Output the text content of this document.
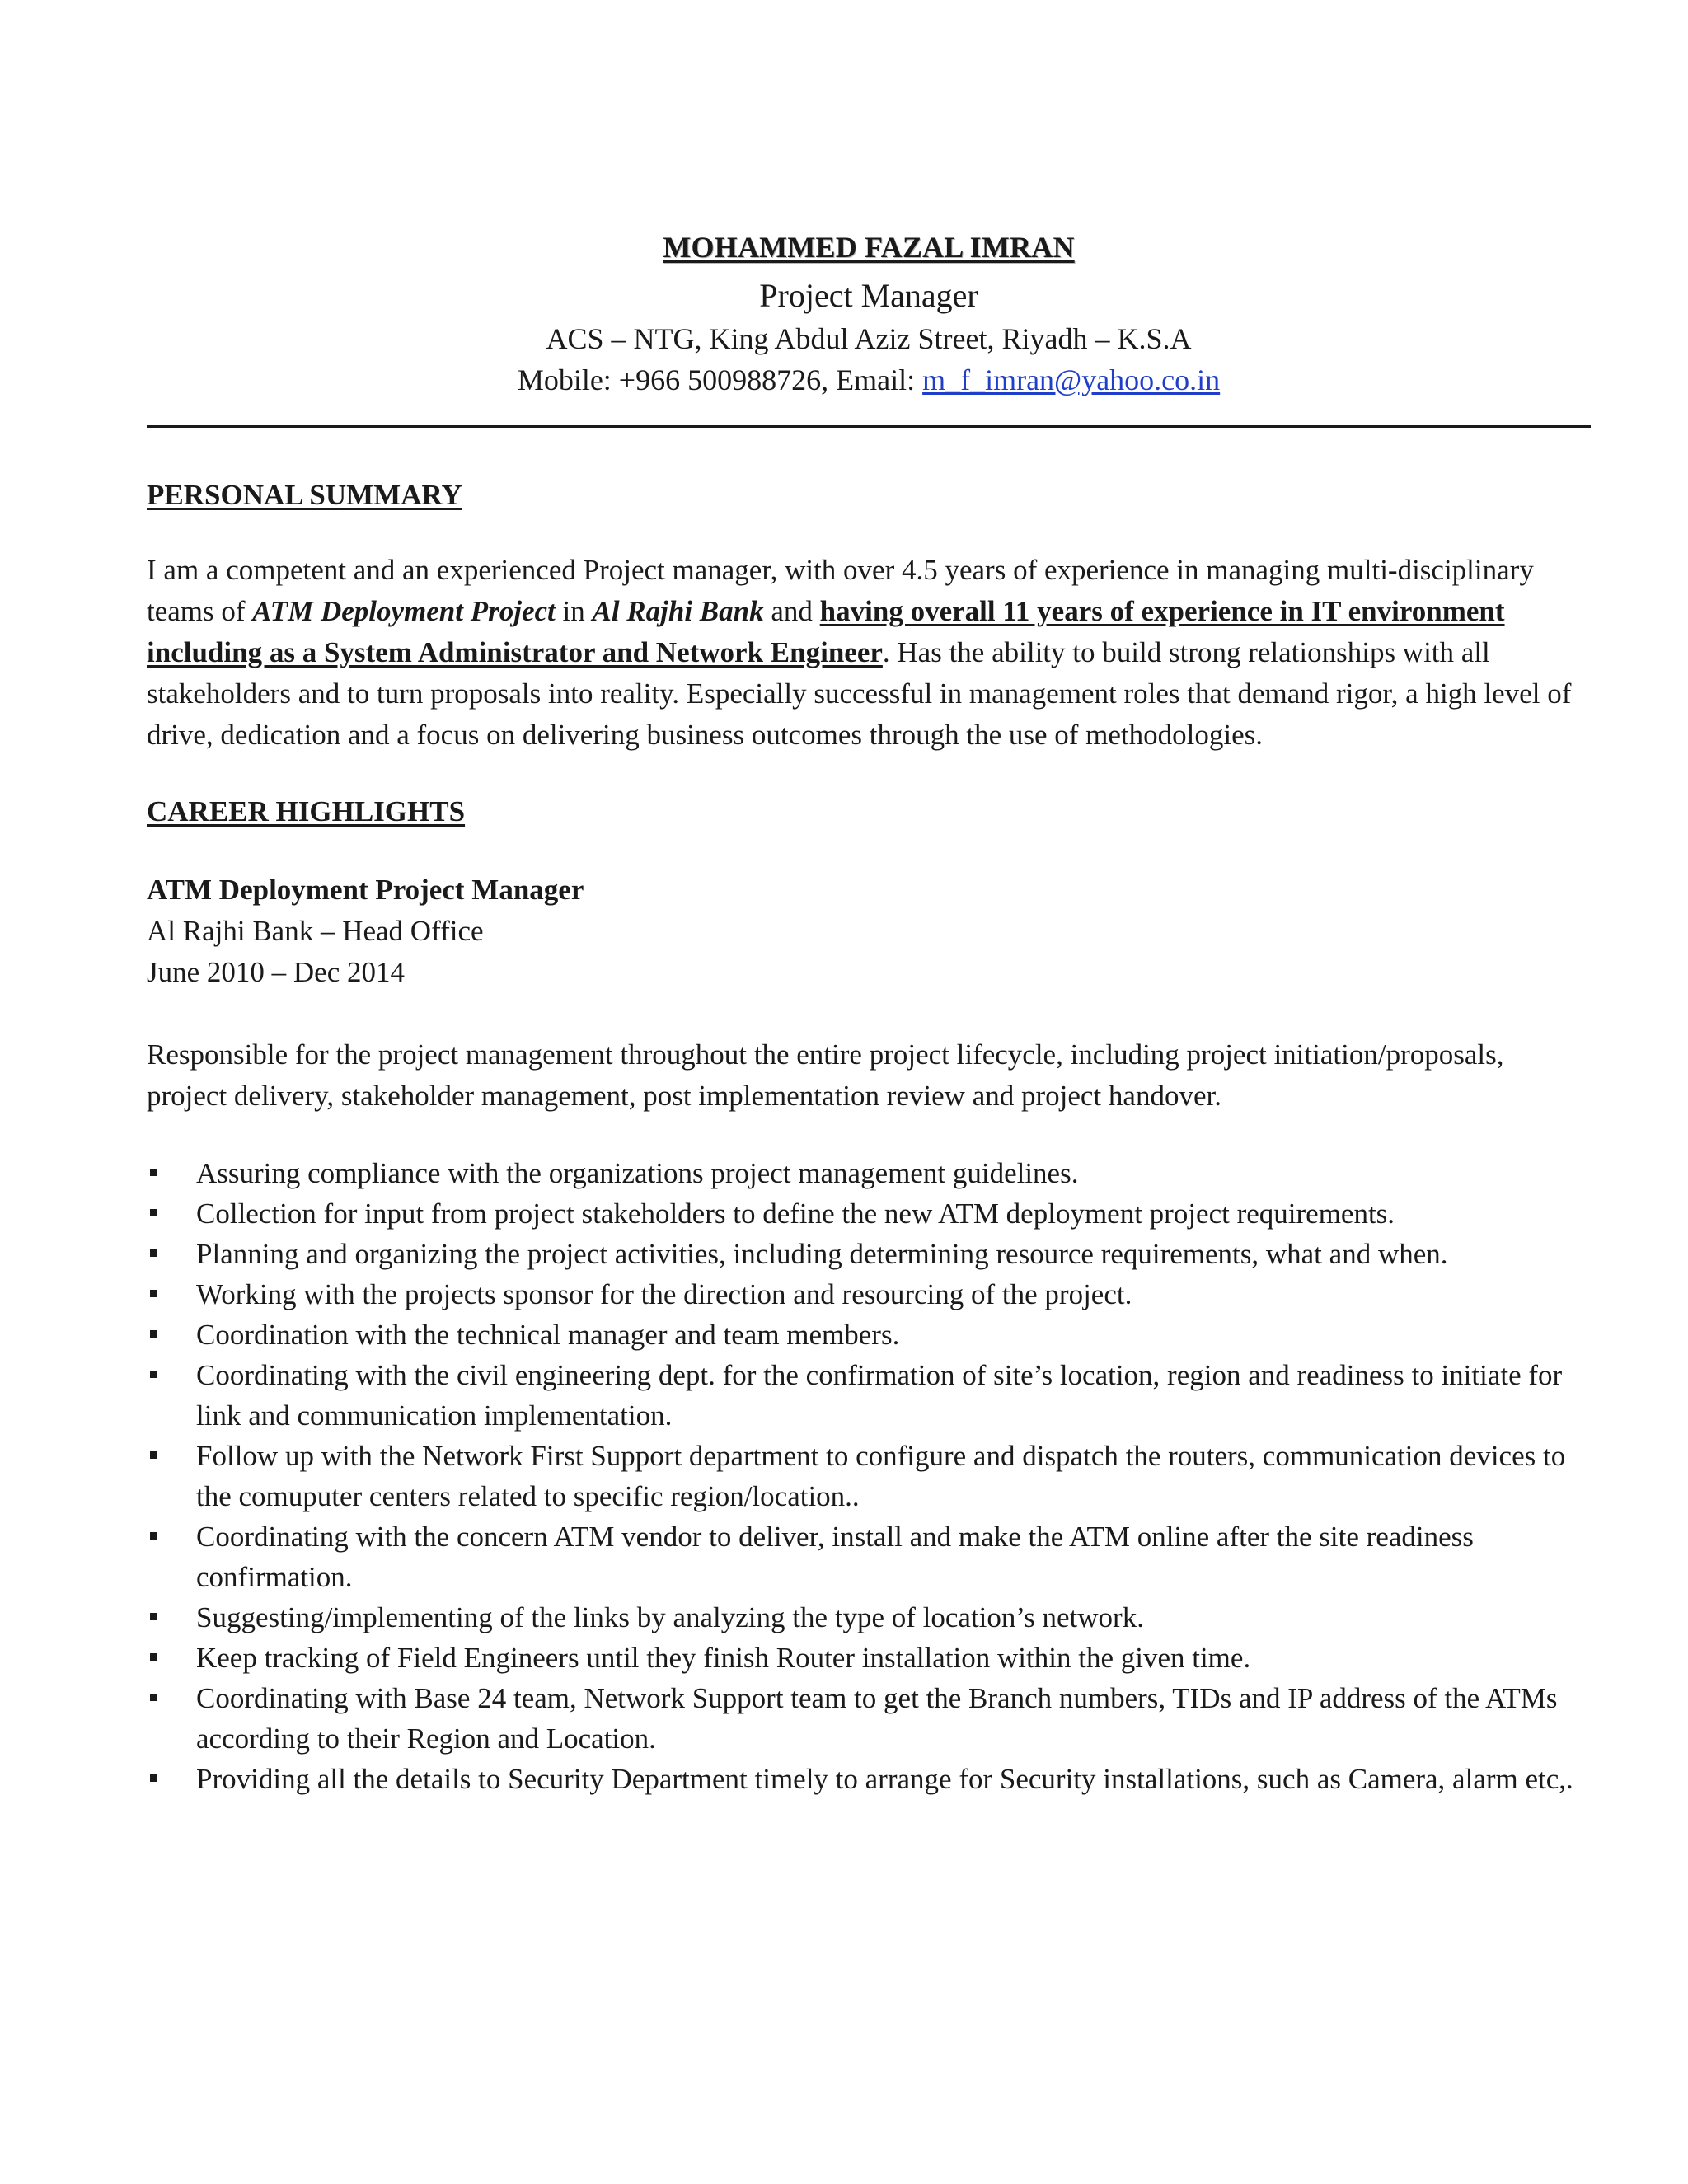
MOHAMMED FAZAL IMRAN
Project Manager
ACS – NTG, King Abdul Aziz Street, Riyadh – K.S.A
Mobile: +966 500988726, Email: m_f_imran@yahoo.co.in
PERSONAL SUMMARY

I am a competent and an experienced Project manager, with over 4.5 years of experience in managing multi-disciplinary teams of ATM Deployment Project in Al Rajhi Bank and having overall 11 years of experience in IT environment including as a System Administrator and Network Engineer. Has the ability to build strong relationships with all stakeholders and to turn proposals into reality. Especially successful in management roles that demand rigor, a high level of drive, dedication and a focus on delivering business outcomes through the use of methodologies.

CAREER HIGHLIGHTS
ATM Deployment Project Manager
Al Rajhi Bank – Head Office
June 2010 – Dec 2014

Responsible for the project management throughout the entire project lifecycle, including project initiation/proposals, project delivery, stakeholder management, post implementation review and project handover.

Assuring compliance with the organizations project management guidelines.
Collection for input from project stakeholders to define the new ATM deployment project requirements.
Planning and organizing the project activities, including determining resource requirements, what and when.
Working with the projects sponsor for the direction and resourcing of the project.
Coordination with the technical manager and team members.
Coordinating with the civil engineering dept. for the confirmation of site’s location, region and readiness to initiate for link and communication implementation.
Follow up with the Network First Support department to configure and dispatch the routers, communication devices to the comuputer centers related to specific region/location..
Coordinating with the concern ATM vendor to deliver, install and make the ATM online after the site readiness confirmation.
Suggesting/implementing of the links by analyzing the type of location’s network.
Keep tracking of Field Engineers until they finish Router installation within the given time.
Coordinating with Base 24 team, Network Support team to get the Branch numbers, TIDs and IP address of the ATMs according to their Region and Location.
Providing all the details to Security Department timely to arrange for Security installations, such as Camera, alarm etc,.
